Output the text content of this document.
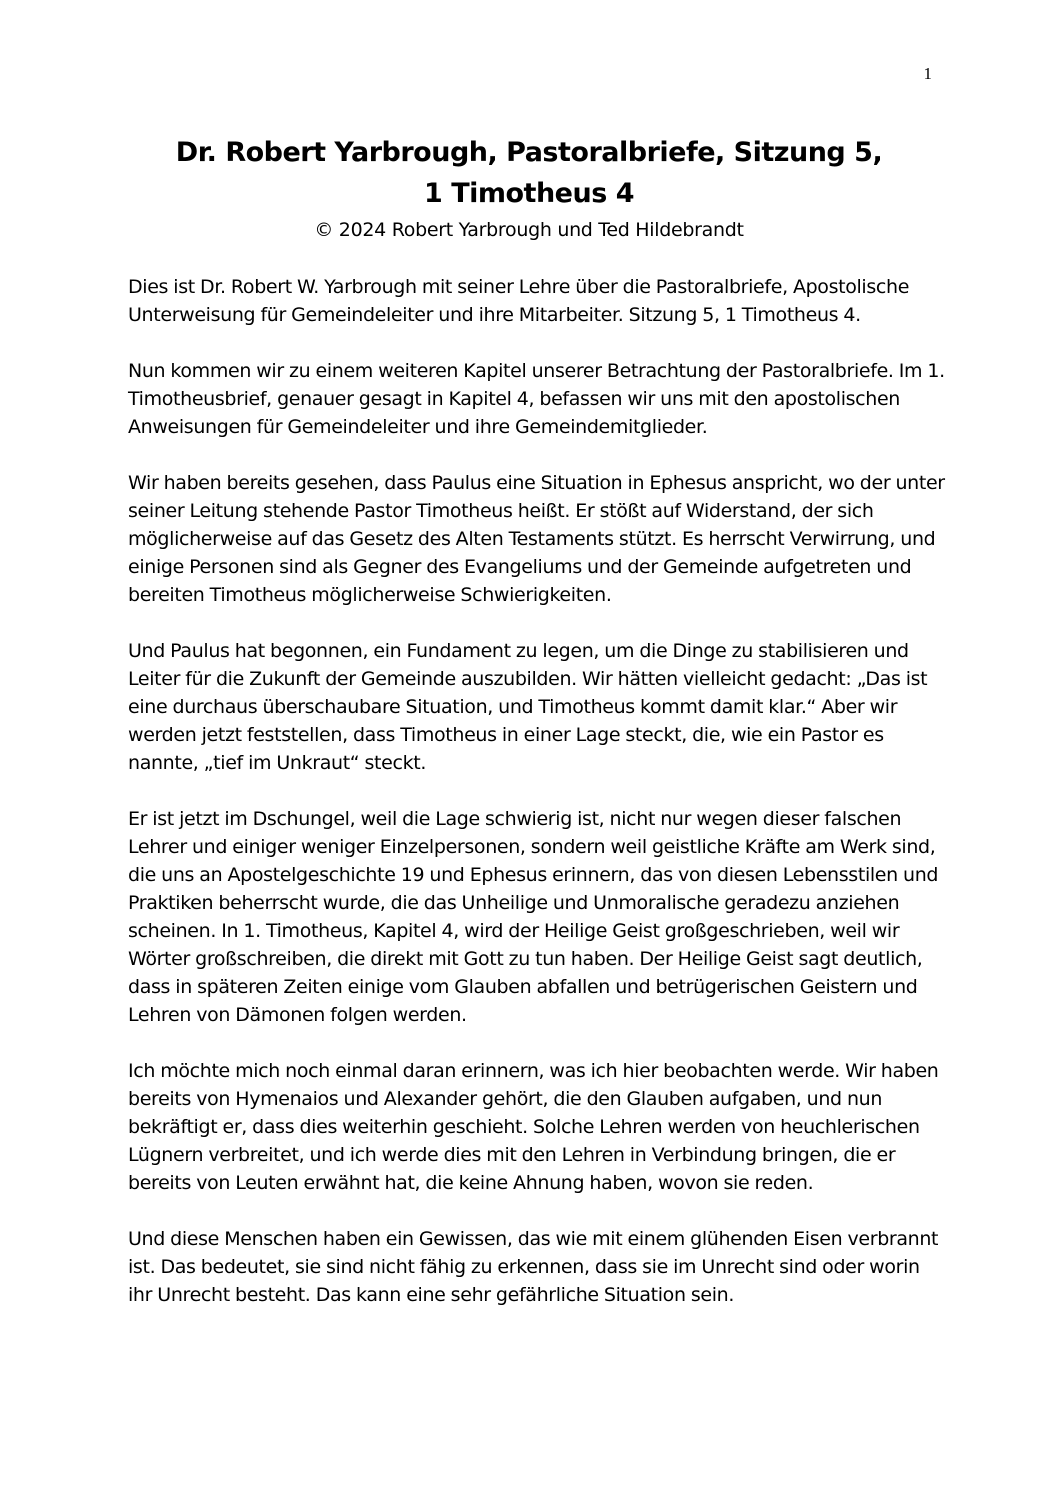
1
Dr. Robert Yarbrough, Pastoralbriefe, Sitzung 5,
1 Timotheus 4

© 2024 Robert Yarbrough und Ted Hildebrandt

Dies ist Dr. Robert W. Yarbrough mit seiner Lehre über die Pastoralbriefe, Apostolische Unterweisung für Gemeindeleiter und ihre Mitarbeiter. Sitzung 5, 1 Timotheus 4.

Nun kommen wir zu einem weiteren Kapitel unserer Betrachtung der Pastoralbriefe. Im 1. Timotheusbrief, genauer gesagt in Kapitel 4, befassen wir uns mit den apostolischen Anweisungen für Gemeindeleiter und ihre Gemeindemitglieder.

Wir haben bereits gesehen, dass Paulus eine Situation in Ephesus anspricht, wo der unter seiner Leitung stehende Pastor Timotheus heißt. Er stößt auf Widerstand, der sich möglicherweise auf das Gesetz des Alten Testaments stützt. Es herrscht Verwirrung, und einige Personen sind als Gegner des Evangeliums und der Gemeinde aufgetreten und bereiten Timotheus möglicherweise Schwierigkeiten.

Und Paulus hat begonnen, ein Fundament zu legen, um die Dinge zu stabilisieren und Leiter für die Zukunft der Gemeinde auszubilden. Wir hätten vielleicht gedacht: „Das ist eine durchaus überschaubare Situation, und Timotheus kommt damit klar.“ Aber wir werden jetzt feststellen, dass Timotheus in einer Lage steckt, die, wie ein Pastor es nannte, „tief im Unkraut“ steckt.

Er ist jetzt im Dschungel, weil die Lage schwierig ist, nicht nur wegen dieser falschen Lehrer und einiger weniger Einzelpersonen, sondern weil geistliche Kräfte am Werk sind, die uns an Apostelgeschichte 19 und Ephesus erinnern, das von diesen Lebensstilen und Praktiken beherrscht wurde, die das Unheilige und Unmoralische geradezu anziehen scheinen. In 1. Timotheus, Kapitel 4, wird der Heilige Geist großgeschrieben, weil wir Wörter großschreiben, die direkt mit Gott zu tun haben. Der Heilige Geist sagt deutlich, dass in späteren Zeiten einige vom Glauben abfallen und betrügerischen Geistern und Lehren von Dämonen folgen werden.

Ich möchte mich noch einmal daran erinnern, was ich hier beobachten werde. Wir haben bereits von Hymenaios und Alexander gehört, die den Glauben aufgaben, und nun bekräftigt er, dass dies weiterhin geschieht. Solche Lehren werden von heuchlerischen Lügnern verbreitet, und ich werde dies mit den Lehren in Verbindung bringen, die er bereits von Leuten erwähnt hat, die keine Ahnung haben, wovon sie reden.

Und diese Menschen haben ein Gewissen, das wie mit einem glühenden Eisen verbrannt ist. Das bedeutet, sie sind nicht fähig zu erkennen, dass sie im Unrecht sind oder worin ihr Unrecht besteht. Das kann eine sehr gefährliche Situation sein.
